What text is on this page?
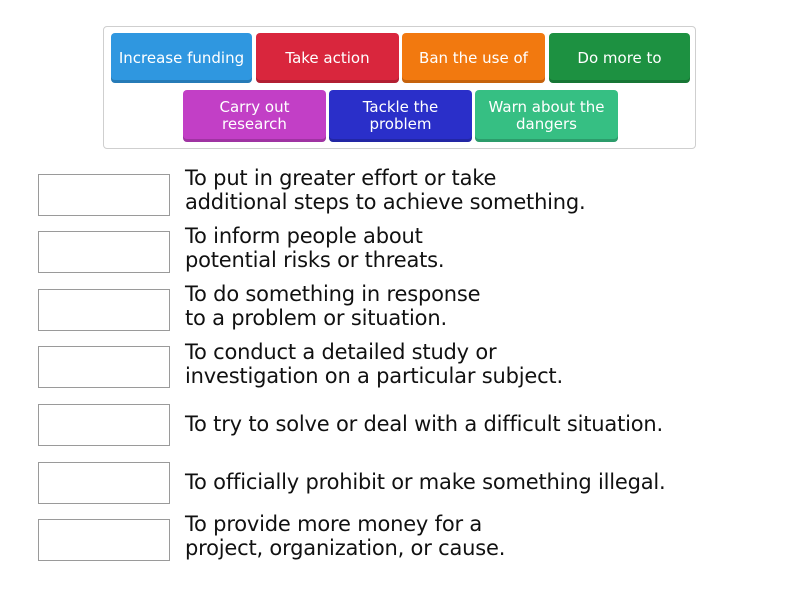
Increase funding	Take action	Ban the use of	Do more to
Carry out research
Tackle the problem
Warn about the dangers
To put in greater effort or take
additional steps to achieve something.
To inform people about
potential risks or threats.
To do something in response
to a problem or situation.
To conduct a detailed study or
investigation on a particular subject.
To try to solve or deal with a difficult situation.
To officially prohibit or make something illegal.
To provide more money for a
project, organization, or cause.
